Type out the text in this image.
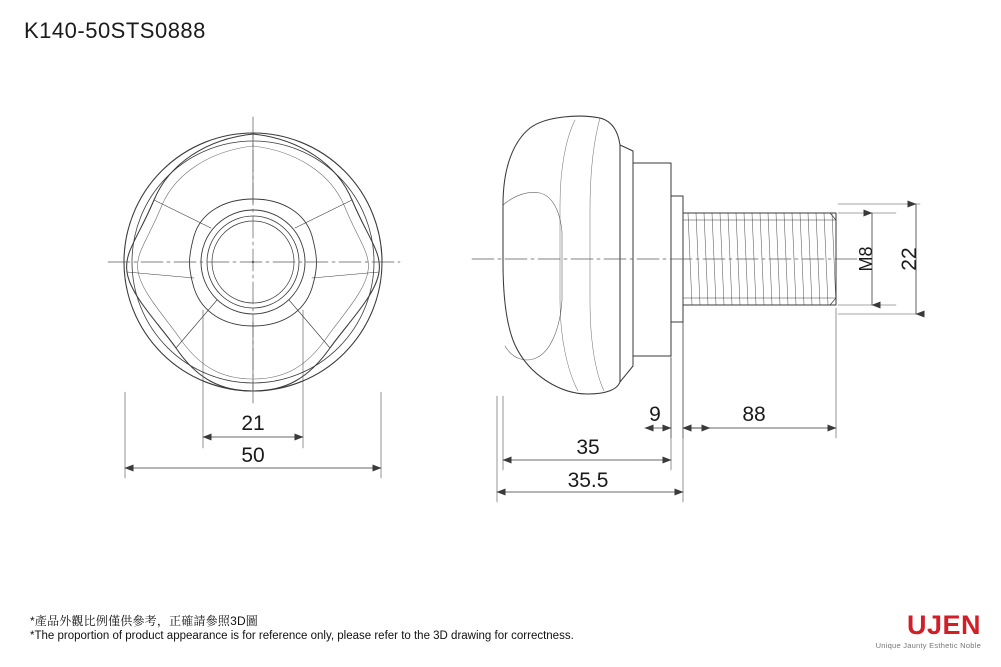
K140-50STS0888
21
50
M8 22
9	88
35
35.5
*產品外觀比例僅供參考，正確請參照3D圖
*The proportion of product appearance is for reference only, please refer to the 3D drawing for correctness.	UJEN
Unique Jaunty Esthetic Noble
